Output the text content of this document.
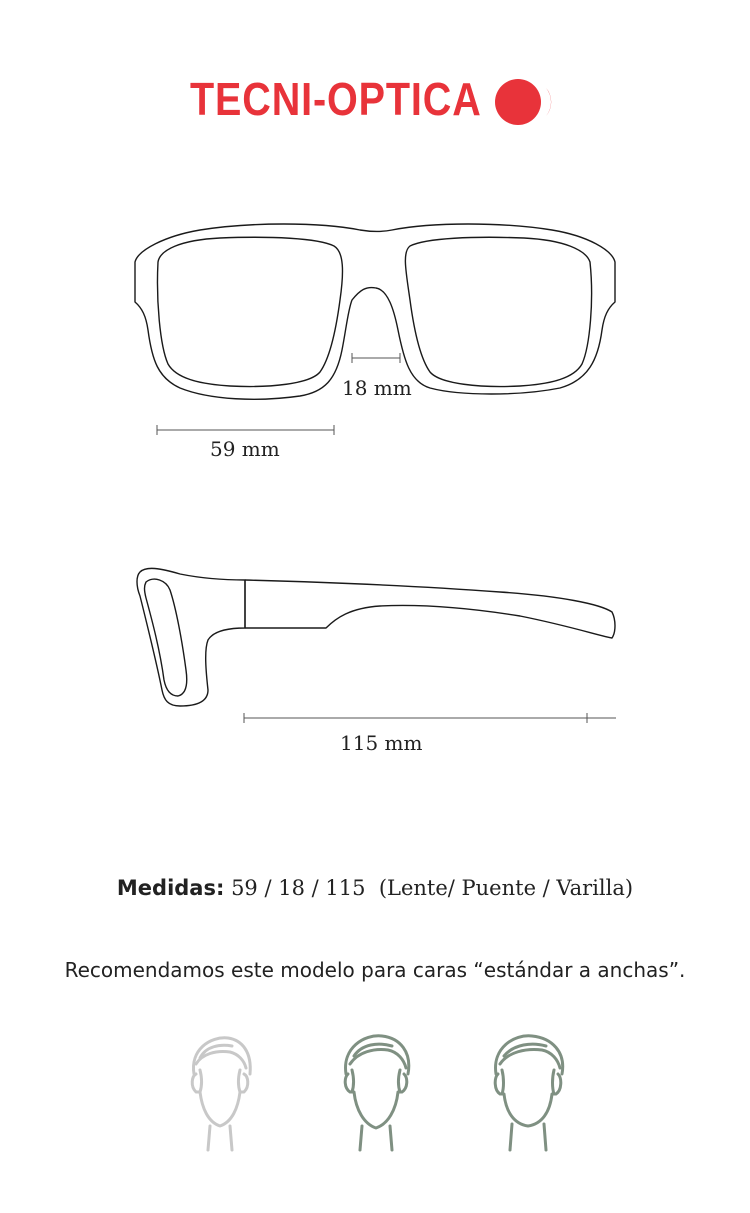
TECNI-OPTICA
18 mm
59 mm
115 mm
Medidas: 59 / 18 / 115 (Lente/ Puente / Varilla)
Recomendamos este modelo para caras “estándar a anchas”.
